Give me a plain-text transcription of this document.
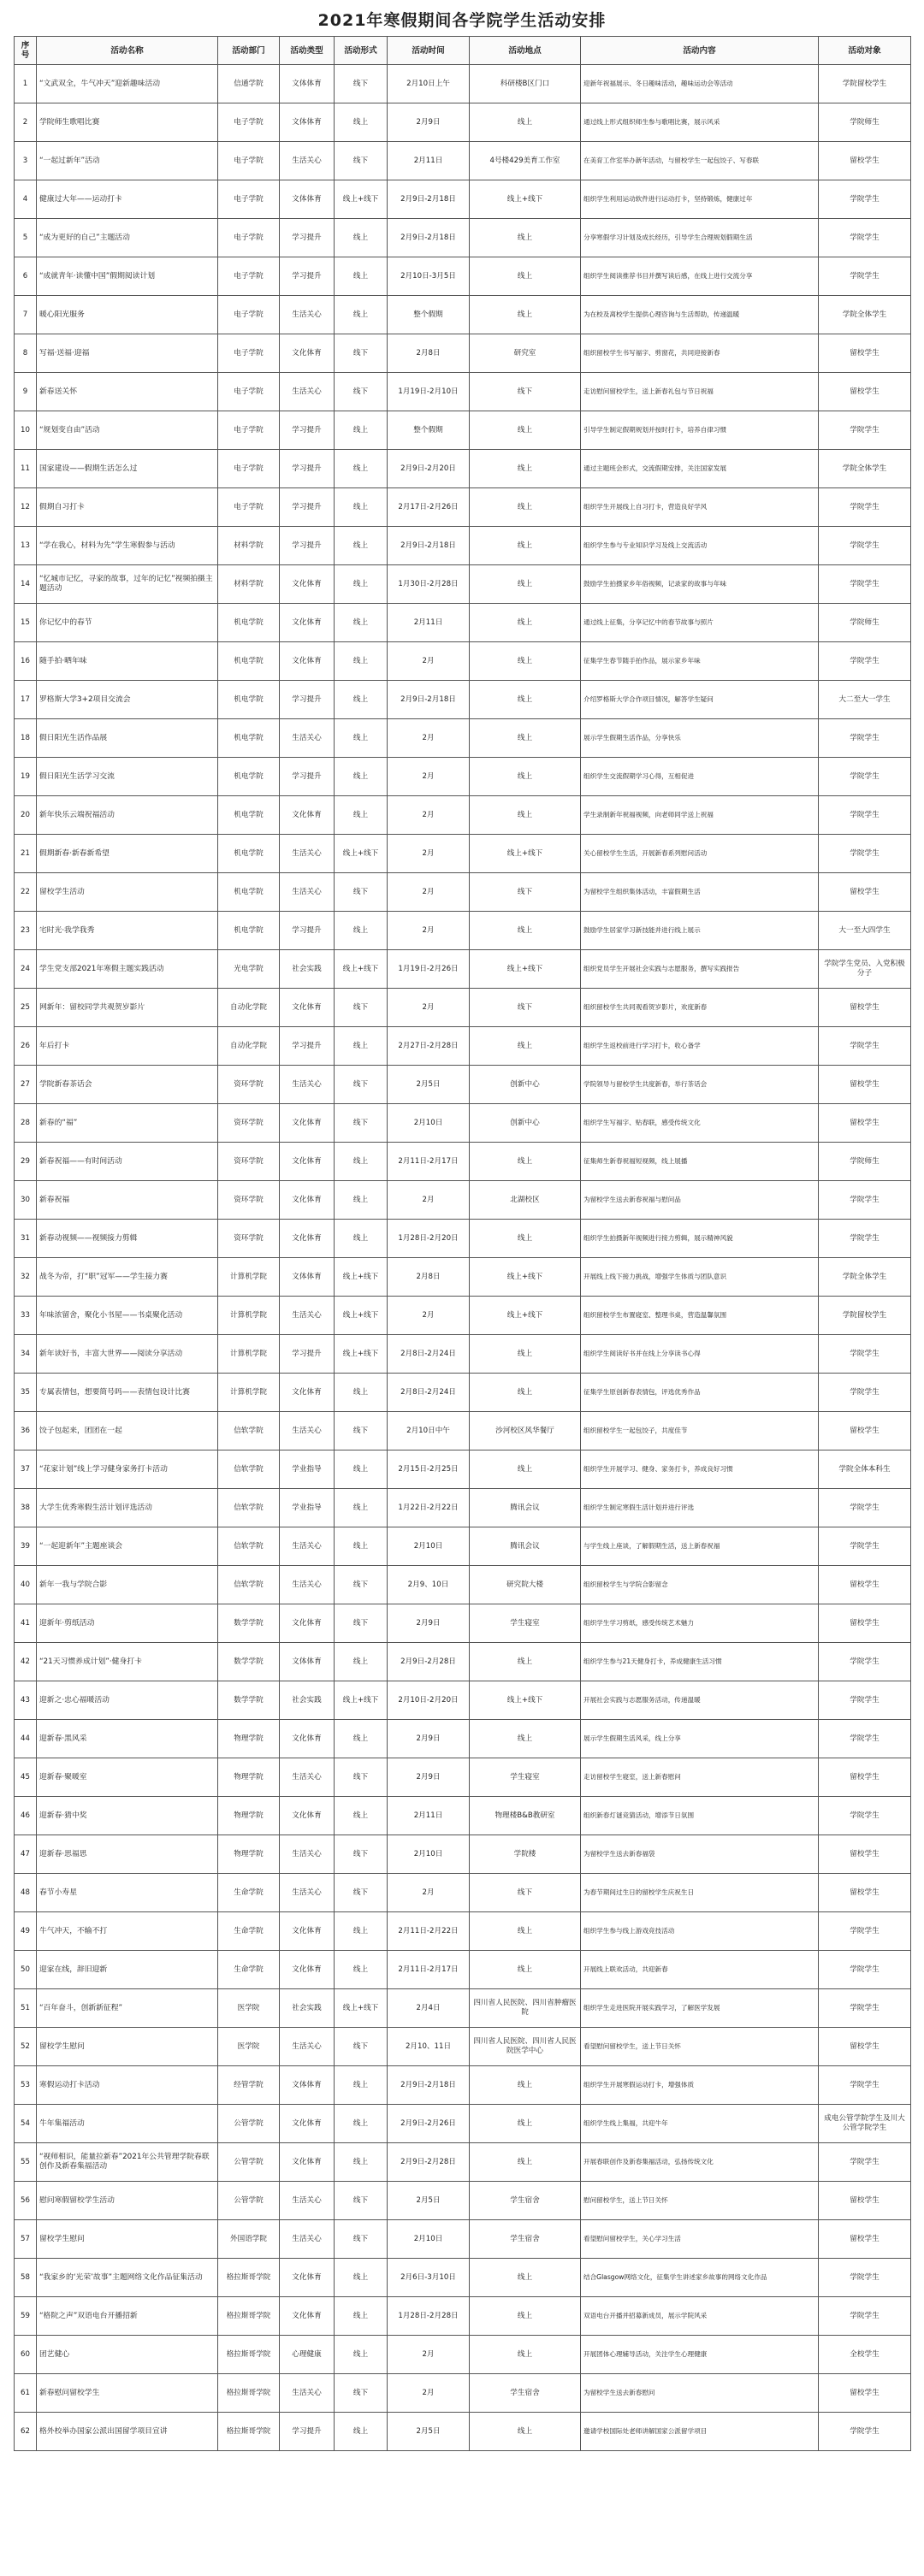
2021年寒假期间各学院学生活动安排
序号	活动名称	活动部门	活动类型	活动形式	活动时间	活动地点	活动内容	活动对象
1	“文武双全，牛气冲天”迎新趣味活动	信通学院	文体体育	线下	2月10日上午	科研楼B区门口	迎新年祝福展示、冬日趣味活动，趣味运动会等活动	学院留校学生
2	学院师生歌唱比赛	电子学院	文体体育	线上	2月9日	线上	通过线上形式组织师生参与歌唱比赛，展示风采	学院师生
3	“一起过新年”活动	电子学院	生活关心	线下	2月11日	4号楼429美育工作室	在美育工作室举办新年活动，与留校学生一起包饺子、写春联	留校学生
4	健康过大年——运动打卡	电子学院	文体体育	线上+线下	2月9日-2月18日	线上+线下	组织学生利用运动软件进行运动打卡，坚持锻炼，健康过年	学院学生
5	“成为更好的自己”主题活动	电子学院	学习提升	线上	2月9日-2月18日	线上	分享寒假学习计划及成长经历，引导学生合理规划假期生活	学院学生
6	“成就青年·读懂中国”假期阅读计划	电子学院	学习提升	线上	2月10日-3月5日	线上	组织学生阅读推荐书目并撰写读后感，在线上进行交流分享	学院学生
7	暖心阳光服务	电子学院	生活关心	线上	整个假期	线上	为在校及离校学生提供心理咨询与生活帮助，传递温暖	学院全体学生
8	写福·送福·迎福	电子学院	文化体育	线下	2月8日	研究室	组织留校学生书写福字、剪窗花，共同迎接新春	留校学生
9	新春送关怀	电子学院	生活关心	线下	1月19日-2月10日	线下	走访慰问留校学生，送上新春礼包与节日祝福	留校学生
10	“规划变自由”活动	电子学院	学习提升	线上	整个假期	线上	引导学生制定假期规划并按时打卡，培养自律习惯	学院学生
11	国家建设——假期生活怎么过	电子学院	学习提升	线上	2月9日-2月20日	线上	通过主题班会形式，交流假期安排，关注国家发展	学院全体学生
12	假期自习打卡	电子学院	学习提升	线上	2月17日-2月26日	线上	组织学生开展线上自习打卡，营造良好学风	学院学生
13	“学在我心，材料为先”学生寒假参与活动	材料学院	学习提升	线上	2月9日-2月18日	线上	组织学生参与专业知识学习及线上交流活动	学院学生
14	“忆城市记忆，寻家的故事，过年的记忆”视频拍摄主题活动	材料学院	文化体育	线上	1月30日-2月28日	线上	鼓励学生拍摄家乡年俗视频，记录家的故事与年味	学院学生
15	你记忆中的春节	机电学院	文化体育	线上	2月11日	线上	通过线上征集，分享记忆中的春节故事与照片	学院师生
16	随手拍·晒年味	机电学院	文化体育	线上	2月	线上	征集学生春节随手拍作品，展示家乡年味	学院学生
17	罗格斯大学3+2项目交流会	机电学院	学习提升	线上	2月9日-2月18日	线上	介绍罗格斯大学合作项目情况，解答学生疑问	大二至大一学生
18	假日阳光生活作品展	机电学院	生活关心	线上	2月	线上	展示学生假期生活作品，分享快乐	学院学生
19	假日阳光生活学习交流	机电学院	学习提升	线上	2月	线上	组织学生交流假期学习心得，互相促进	学院学生
20	新年快乐云端祝福活动	机电学院	文化体育	线上	2月	线上	学生录制新年祝福视频，向老师同学送上祝福	学院学生
21	假期新春·新春新希望	机电学院	生活关心	线上+线下	2月	线上+线下	关心留校学生生活，开展新春系列慰问活动	学院学生
22	留校学生活动	机电学院	生活关心	线下	2月	线下	为留校学生组织集体活动，丰富假期生活	留校学生
23	宅时光·我学我秀	机电学院	学习提升	线上	2月	线上	鼓励学生居家学习新技能并进行线上展示	大一至大四学生
24	学生党支部2021年寒假主题实践活动	光电学院	社会实践	线上+线下	1月19日-2月26日	线上+线下	组织党员学生开展社会实践与志愿服务，撰写实践报告	学院学生党员、入党积极分子
25	网新年：留校同学共观贺岁影片	自动化学院	文化体育	线下	2月	线下	组织留校学生共同观看贺岁影片，欢度新春	留校学生
26	年后打卡	自动化学院	学习提升	线上	2月27日-2月28日	线上	组织学生返校前进行学习打卡，收心备学	学院学生
27	学院新春茶话会	资环学院	生活关心	线下	2月5日	创新中心	学院领导与留校学生共度新春，举行茶话会	留校学生
28	新春的“福”	资环学院	文化体育	线下	2月10日	创新中心	组织学生写福字、贴春联，感受传统文化	留校学生
29	新春祝福——有时间活动	资环学院	文化体育	线上	2月11日-2月17日	线上	征集师生新春祝福短视频，线上展播	学院师生
30	新春祝福	资环学院	文化体育	线上	2月	北湖校区	为留校学生送去新春祝福与慰问品	学院学生
31	新春动视频——视频接力剪辑	资环学院	文化体育	线上	1月28日-2月20日	线上	组织学生拍摄新年视频进行接力剪辑，展示精神风貌	学院学生
32	战冬为帝，打“职”冠军——学生接力赛	计算机学院	文体体育	线上+线下	2月8日	线上+线下	开展线上线下接力挑战，增强学生体质与团队意识	学院全体学生
33	年味浓留舍，聚化小书屋——书桌聚化活动	计算机学院	生活关心	线上+线下	2月	线上+线下	组织留校学生布置寝室、整理书桌，营造温馨氛围	学院留校学生
34	新年读好书，丰富大世界——阅读分享活动	计算机学院	学习提升	线上+线下	2月8日-2月24日	线上	组织学生阅读好书并在线上分享读书心得	学院学生
35	专属表情包，想要简号吗——表情包设计比赛	计算机学院	文化体育	线上	2月8日-2月24日	线上	征集学生原创新春表情包，评选优秀作品	学院学生
36	饺子包起来，团团在一起	信软学院	生活关心	线下	2月10日中午	沙河校区风华餐厅	组织留校学生一起包饺子，共度佳节	留校学生
37	“花家计划”线上学习健身家务打卡活动	信软学院	学业指导	线上	2月15日-2月25日	线上	组织学生开展学习、健身、家务打卡，养成良好习惯	学院全体本科生
38	大学生优秀寒假生活计划评选活动	信软学院	学业指导	线上	1月22日-2月22日	腾讯会议	组织学生制定寒假生活计划并进行评选	学院学生
39	“一起迎新年”主题座谈会	信软学院	生活关心	线上	2月10日	腾讯会议	与学生线上座谈，了解假期生活，送上新春祝福	学院学生
40	新年一我与学院合影	信软学院	生活关心	线下	2月9、10日	研究院大楼	组织留校学生与学院合影留念	留校学生
41	迎新年·剪纸活动	数学学院	文化体育	线下	2月9日	学生寝室	组织学生学习剪纸，感受传统艺术魅力	留校学生
42	“21天习惯养成计划”·健身打卡	数学学院	文体体育	线上	2月9日-2月28日	线上	组织学生参与21天健身打卡，养成健康生活习惯	学院学生
43	迎新之·忠心福暖活动	数学学院	社会实践	线上+线下	2月10日-2月20日	线上+线下	开展社会实践与志愿服务活动，传递温暖	学院学生
44	迎新春·黑风采	物理学院	文化体育	线上	2月9日	线上	展示学生假期生活风采，线上分享	学院学生
45	迎新春·聚暖室	物理学院	生活关心	线下	2月9日	学生寝室	走访留校学生寝室，送上新春慰问	留校学生
46	迎新春·猜中奖	物理学院	文化体育	线上	2月11日	物理楼B&B教研室	组织新春灯谜竞猜活动，增添节日氛围	学院学生
47	迎新春·思福思	物理学院	生活关心	线下	2月10日	学院楼	为留校学生送去新春福袋	留校学生
48	春节小寿星	生命学院	生活关心	线下	2月	线下	为春节期间过生日的留校学生庆祝生日	留校学生
49	牛气冲天，不输不打	生命学院	文化体育	线上	2月11日-2月22日	线上	组织学生参与线上游戏竞技活动	学院学生
50	迎家在线，辞旧迎新	生命学院	文化体育	线上	2月11日-2月17日	线上	开展线上联欢活动，共迎新春	学院学生
51	“百年奋斗，创新新征程”	医学院	社会实践	线上+线下	2月4日	四川省人民医院、四川省肿瘤医院	组织学生走进医院开展实践学习，了解医学发展	学院学生
52	留校学生慰问	医学院	生活关心	线下	2月10、11日	四川省人民医院、四川省人民医院医学中心	看望慰问留校学生，送上节日关怀	留校学生
53	寒假运动打卡活动	经管学院	文体体育	线上	2月9日-2月18日	线上	组织学生开展寒假运动打卡，增强体质	学院学生
54	牛年集福活动	公管学院	文化体育	线上	2月9日-2月26日	线上	组织学生线上集福，共迎牛年	成电公管学院学生及川大公管学院学生
55	“视师相识，能量拉新春”2021年公共管理学院春联创作及新春集福活动	公管学院	文化体育	线上	2月9日-2月28日	线上	开展春联创作及新春集福活动，弘扬传统文化	学院学生
56	慰问寒假留校学生活动	公管学院	生活关心	线下	2月5日	学生宿舍	慰问留校学生，送上节日关怀	留校学生
57	留校学生慰问	外国语学院	生活关心	线下	2月10日	学生宿舍	看望慰问留校学生，关心学习生活	留校学生
58	“我家乡的‘光荣’故事”主题网络文化作品征集活动	格拉斯哥学院	文化体育	线上	2月6日-3月10日	线上	结合Glasgow网络文化，征集学生讲述家乡故事的网络文化作品	学院学生
59	“格院之声”双语电台开播招新	格拉斯哥学院	文化体育	线上	1月28日-2月28日	线上	双语电台开播并招募新成员，展示学院风采	学院学生
60	团艺健心	格拉斯哥学院	心理健康	线上	2月	线上	开展团体心理辅导活动，关注学生心理健康	全校学生
61	新春慰问留校学生	格拉斯哥学院	生活关心	线下	2月	学生宿舍	为留校学生送去新春慰问	留校学生
62	格外校举办国家公派出国留学项目宣讲	格拉斯哥学院	学习提升	线上	2月5日	线上	邀请学校国际处老师讲解国家公派留学项目	学院学生
